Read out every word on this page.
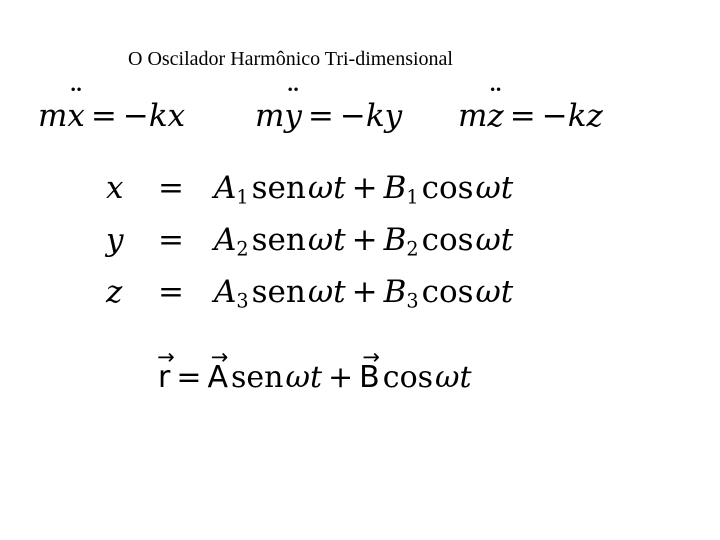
O Oscilador Harmônico Tri-dimensional
mx ¨ = −kx my ¨ = −ky mz ¨ = −kz
$x = A_1sen\omega t + B_1\cos\omega t$
$y = A_2sen\omega t + B_2\cos\omega t$
$z = A_3sen\omega t + B_3\cos\omega t$
r → = A → senωt + B → cosωt
